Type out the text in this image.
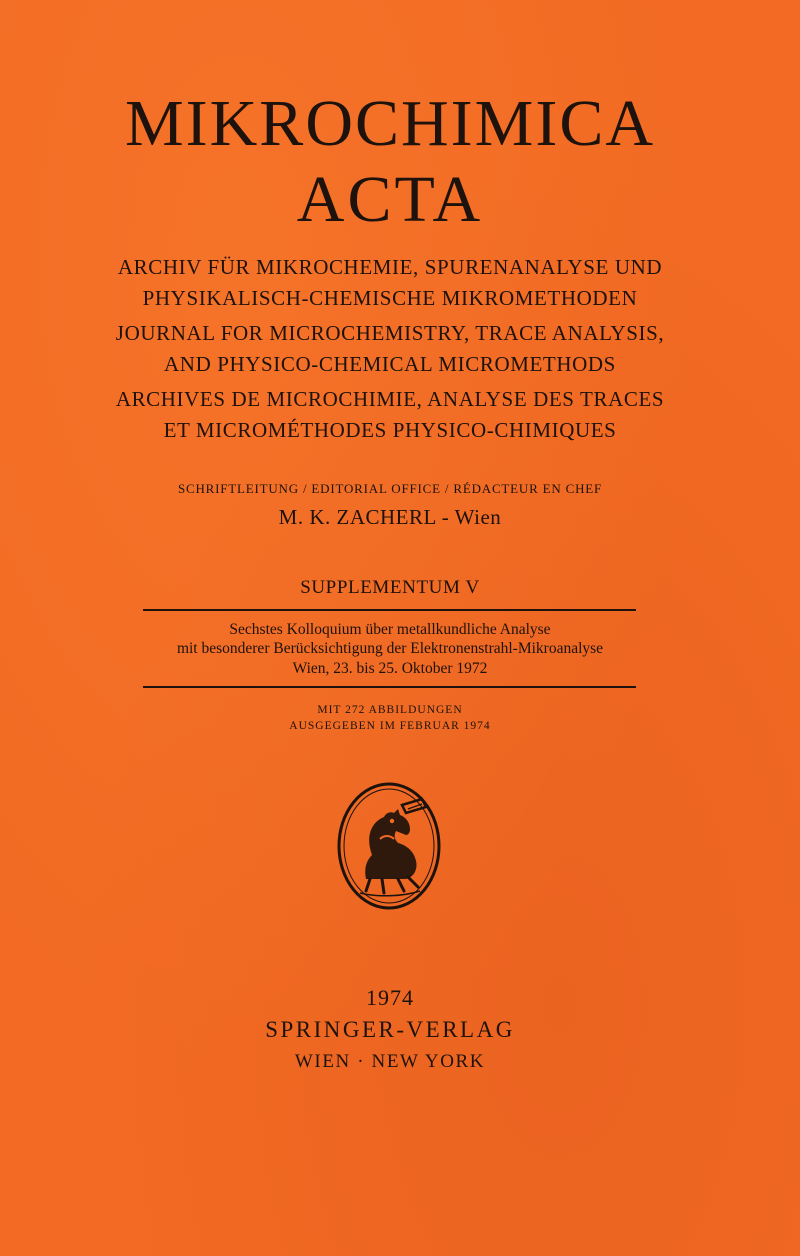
MIKROCHIMICA
ACTA
ARCHIV FÜR MIKROCHEMIE, SPURENANALYSE UND
PHYSIKALISCH-CHEMISCHE MIKROMETHODEN
JOURNAL FOR MICROCHEMISTRY, TRACE ANALYSIS,
AND PHYSICO-CHEMICAL MICROMETHODS
ARCHIVES DE MICROCHIMIE, ANALYSE DES TRACES
ET MICROMÉTHODES PHYSICO-CHIMIQUES
SCHRIFTLEITUNG / EDITORIAL OFFICE / RÉDACTEUR EN CHEF
M. K. ZACHERL - Wien
SUPPLEMENTUM V
Sechstes Kolloquium über metallkundliche Analyse
mit besonderer Berücksichtigung der Elektronenstrahl-Mikroanalyse
Wien, 23. bis 25. Oktober 1972
MIT 272 ABBILDUNGEN
AUSGEGEBEN IM FEBRUAR 1974
1974
SPRINGER-VERLAG
WIEN · NEW YORK
